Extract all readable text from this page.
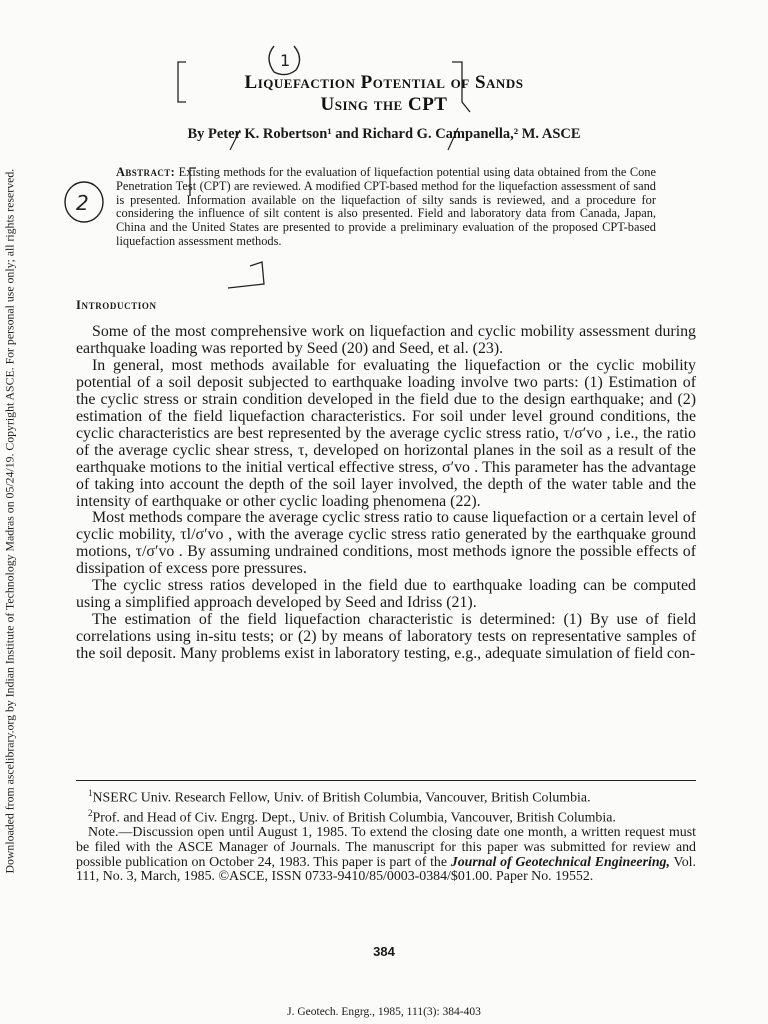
Downloaded from ascelibrary.org by Indian Institute of Technology Madras on 05/24/19. Copyright ASCE. For personal use only; all rights reserved.
1
2
Liquefaction Potential of Sands
Using the CPT
By Peter K. Robertson¹ and Richard G. Campanella,² M. ASCE
Abstract: Existing methods for the evaluation of liquefaction potential using data obtained from the Cone Penetration Test (CPT) are reviewed. A modified CPT-based method for the liquefaction assessment of sand is presented. Information available on the liquefaction of silty sands is reviewed, and a procedure for considering the influence of silt content is also presented. Field and laboratory data from Canada, Japan, China and the United States are presented to provide a preliminary evaluation of the proposed CPT-based liquefaction assessment methods.
Introduction

Some of the most comprehensive work on liquefaction and cyclic mobility assessment during earthquake loading was reported by Seed (20) and Seed, et al. (23).

In general, most methods available for evaluating the liquefaction or the cyclic mobility potential of a soil deposit subjected to earthquake loading involve two parts: (1) Estimation of the cyclic stress or strain condition developed in the field due to the design earthquake; and (2) estimation of the field liquefaction characteristics. For soil under level ground conditions, the cyclic characteristics are best represented by the average cyclic stress ratio, τ/σ′vo , i.e., the ratio of the average cyclic shear stress, τ, developed on horizontal planes in the soil as a result of the earthquake motions to the initial vertical effective stress, σ′vo . This parameter has the advantage of taking into account the depth of the soil layer involved, the depth of the water table and the intensity of earthquake or other cyclic loading phenomena (22).

Most methods compare the average cyclic stress ratio to cause liquefaction or a certain level of cyclic mobility, τl/σ′vo , with the average cyclic stress ratio generated by the earthquake ground motions, τ/σ′vo . By assuming undrained conditions, most methods ignore the possible effects of dissipation of excess pore pressures.

The cyclic stress ratios developed in the field due to earthquake loading can be computed using a simplified approach developed by Seed and Idriss (21).

The estimation of the field liquefaction characteristic is determined: (1) By use of field correlations using in-situ tests; or (2) by means of laboratory tests on representative samples of the soil deposit. Many problems exist in laboratory testing, e.g., adequate simulation of field con-

$^1$NSERC Univ. Research Fellow, Univ. of British Columbia, Vancouver, British Columbia.

$^2$Prof. and Head of Civ. Engrg. Dept., Univ. of British Columbia, Vancouver, British Columbia.

Note.—Discussion open until August 1, 1985. To extend the closing date one month, a written request must be filed with the ASCE Manager of Journals. The manuscript for this paper was submitted for review and possible publication on October 24, 1983. This paper is part of the Journal of Geotechnical Engineering, Vol. 111, No. 3, March, 1985. ©ASCE, ISSN 0733-9410/85/0003-0384/$01.00. Paper No. 19552.

384
J. Geotech. Engrg., 1985, 111(3): 384-403
